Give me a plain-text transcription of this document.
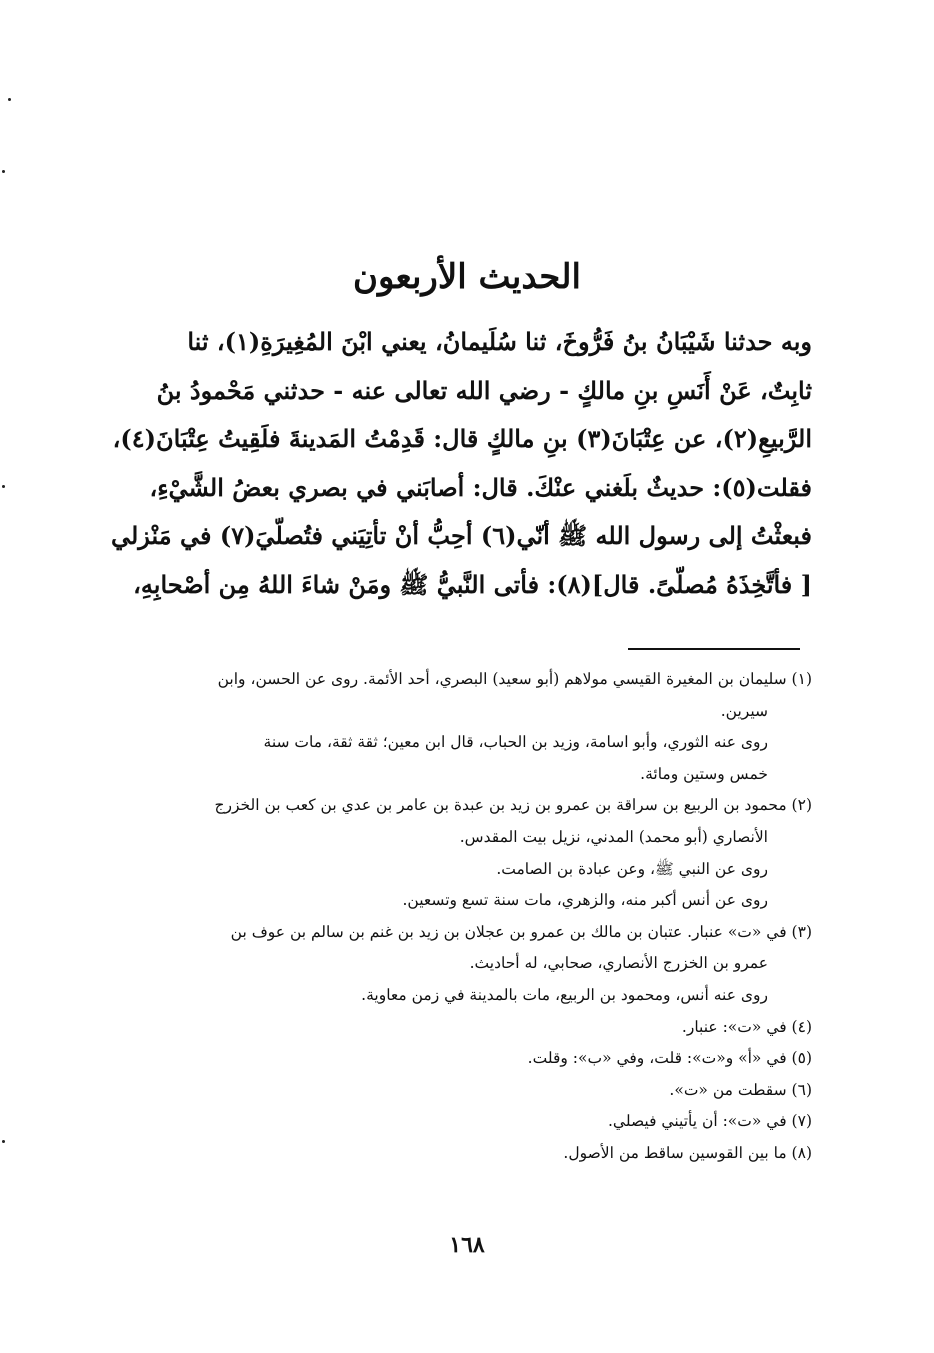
الحديث الأربعون
وبه حدثنا شَيْبَانُ بنُ فَرُّوخَ، ثنا سُلَيمانُ، يعني ابْنَ المُغِيرَةِ(١)، ثنا
ثابِتٌ، عَنْ أَنَسِ بنِ مالكٍ - رضي الله تعالى عنه - حدثني مَحْمودُ بنُ
الرَّبيعِ(٢)، عن عِتْبَانَ(٣) بنِ مالكٍ قال: قَدِمْتُ المَدينةَ فلَقِيتُ عِتْبَانَ(٤)،
فقلت(٥): حديثٌ بلَغني عنْكَ. قال: أصابَني في بصري بعضُ الشَّيْءِ،
فبعثْتُ إلى رسول الله ﷺ أنّي(٦) أحِبُّ أنْ تأتِيَني فتُصلّيَ(٧) في مَنْزلي
[ فأتَّخِذَهُ مُصلّىً. قال](٨): فأتى النَّبيُّ ﷺ ومَنْ شاءَ اللهُ مِن أصْحابِهِ،
(١) سليمان بن المغيرة القيسي مولاهم (أبو سعيد) البصري، أحد الأئمة. روى عن الحسن، وابن
سيرين.
روى عنه الثوري، وأبو اسامة، وزيد بن الحباب، قال ابن معين؛ ثقة ثقة، مات سنة
خمس وستين ومائة.
(٢) محمود بن الربيع بن سراقة بن عمرو بن زيد بن عبدة بن عامر بن عدي بن كعب بن الخزرج
الأنصاري (أبو محمد) المدني، نزيل بيت المقدس.
روى عن النبي ﷺ، وعن عبادة بن الصامت.
روى عن أنس أكبر منه، والزهري، مات سنة تسع وتسعين.
(٣) في «ت» عنبار. عتبان بن مالك بن عمرو بن عجلان بن زيد بن غنم بن سالم بن عوف بن
عمرو بن الخزرج الأنصاري، صحابي، له أحاديث.
روى عنه أنس، ومحمود بن الربيع، مات بالمدينة في زمن معاوية.
(٤) في «ت»: عنبار.
(٥) في «أ» و«ت»: قلت، وفي «ب»: وقلت.
(٦) سقطت من «ت».
(٧) في «ت»: أن يأتيني فيصلي.
(٨) ما بين القوسين ساقط من الأصول.
١٦٨
